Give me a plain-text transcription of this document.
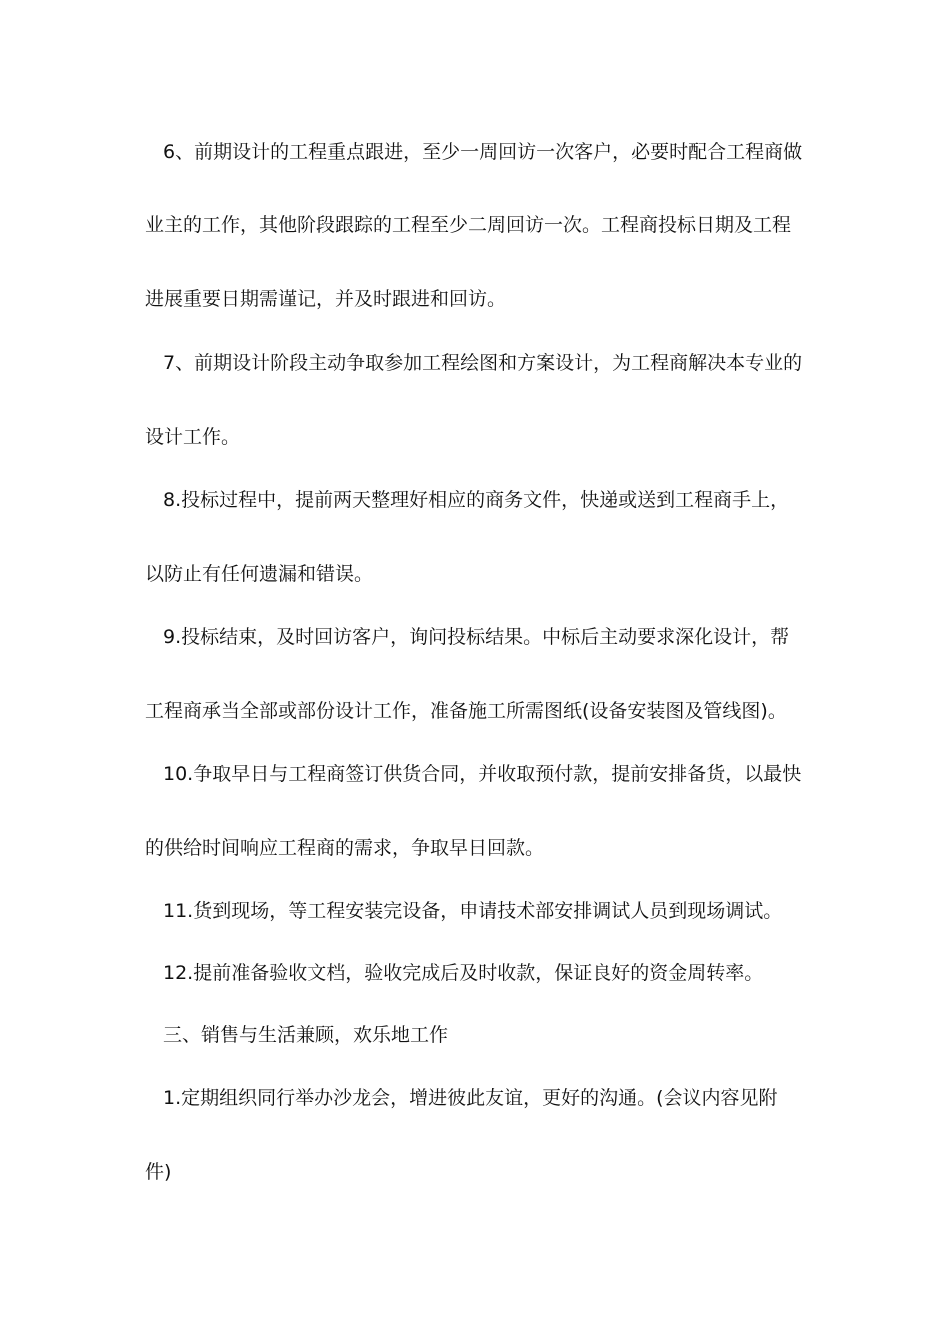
6、前期设计的工程重点跟进，至少一周回访一次客户，必要时配合工程商做
业主的工作，其他阶段跟踪的工程至少二周回访一次。工程商投标日期及工程
进展重要日期需谨记，并及时跟进和回访。
7、前期设计阶段主动争取参加工程绘图和方案设计，为工程商解决本专业的
设计工作。
8.投标过程中，提前两天整理好相应的商务文件，快递或送到工程商手上，
以防止有任何遗漏和错误。
9.投标结束，及时回访客户，询问投标结果。中标后主动要求深化设计，帮
工程商承当全部或部份设计工作，准备施工所需图纸(设备安装图及管线图)。
10.争取早日与工程商签订供货合同，并收取预付款，提前安排备货，以最快
的供给时间响应工程商的需求，争取早日回款。
11.货到现场，等工程安装完设备，申请技术部安排调试人员到现场调试。
12.提前准备验收文档，验收完成后及时收款，保证良好的资金周转率。
三、销售与生活兼顾，欢乐地工作
1.定期组织同行举办沙龙会，增进彼此友谊，更好的沟通。(会议内容见附
件)
